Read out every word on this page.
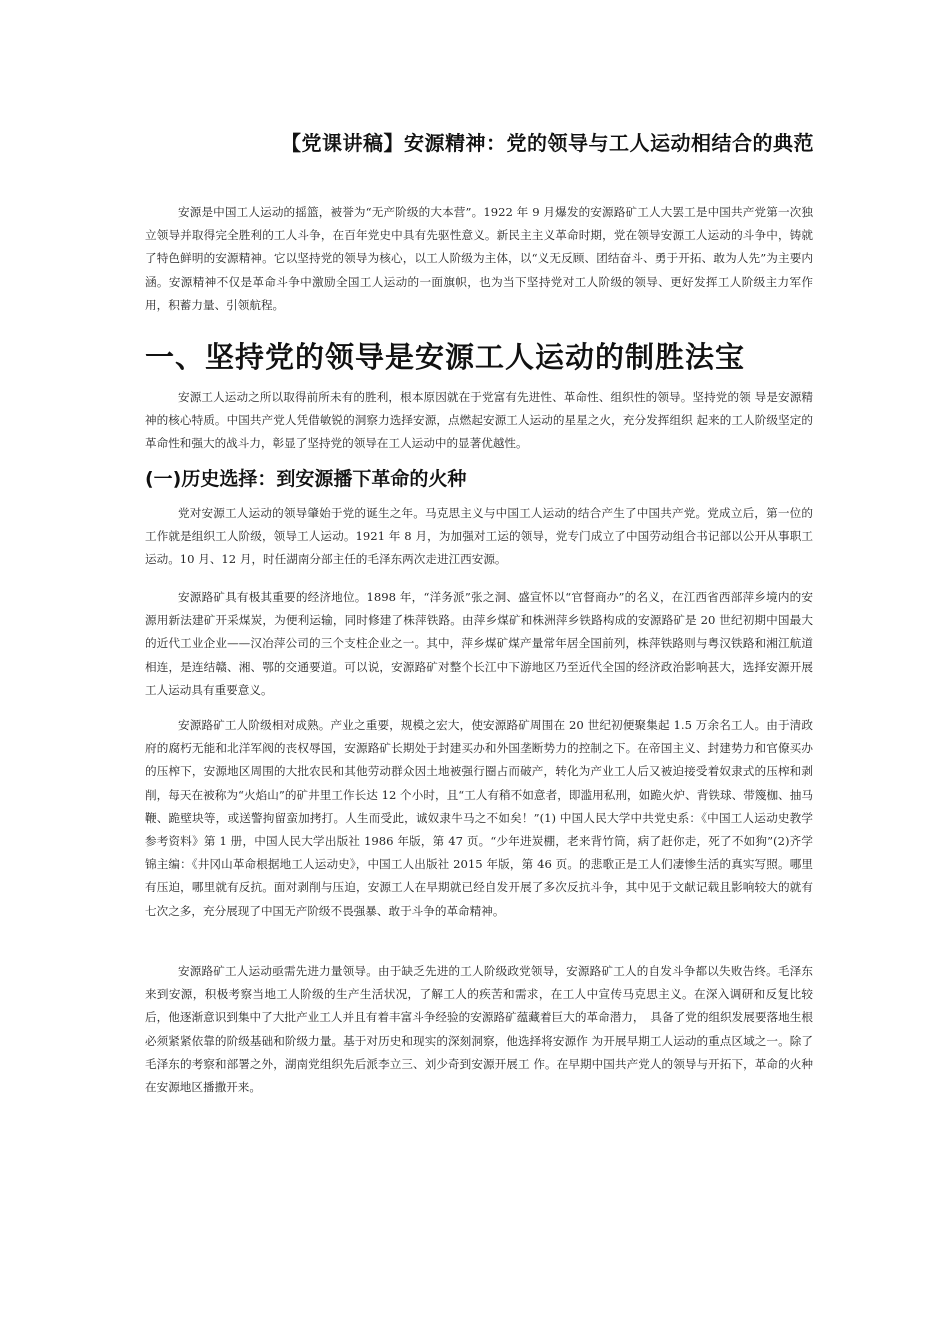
【党课讲稿】安源精神：党的领导与工人运动相结合的典范

安源是中国工人运动的摇篮，被誉为“无产阶级的大本营”。1922 年 9 月爆发的安源路矿工人大罢工是中国共产党第一次独立领导并取得完全胜利的工人斗争，在百年党史中具有先驱性意义。新民主主义革命时期，党在领导安源工人运动的斗争中，铸就了特色鲜明的安源精神。它以坚持党的领导为核心，以工人阶级为主体，以“义无反顾、团结奋斗、勇于开拓、敢为人先”为主要内涵。安源精神不仅是革命斗争中激励全国工人运动的一面旗帜，也为当下坚持党对工人阶级的领导、更好发挥工人阶级主力军作用，积蓄力量、引领航程。

一、坚持党的领导是安源工人运动的制胜法宝

安源工人运动之所以取得前所未有的胜利，根本原因就在于党富有先进性、革命性、组织性的领导。坚持党的领 导是安源精神的核心特质。中国共产党人凭借敏锐的洞察力选择安源，点燃起安源工人运动的星星之火，充分发挥组织 起来的工人阶级坚定的革命性和强大的战斗力，彰显了坚持党的领导在工人运动中的显著优越性。

(一)历史选择：到安源播下革命的火种

党对安源工人运动的领导肇始于党的诞生之年。马克思主义与中国工人运动的结合产生了中国共产党。党成立后，第一位的工作就是组织工人阶级，领导工人运动。1921 年 8 月，为加强对工运的领导，党专门成立了中国劳动组合书记部以公开从事职工运动。10 月、12 月，时任湖南分部主任的毛泽东两次走进江西安源。

安源路矿具有极其重要的经济地位。1898 年，“洋务派”张之洞、盛宣怀以“官督商办”的名义，在江西省西部萍乡境内的安源用新法建矿开采煤炭，为便利运输，同时修建了株萍铁路。由萍乡煤矿和株洲萍乡铁路构成的安源路矿是 20 世纪初期中国最大的近代工业企业——汉冶萍公司的三个支柱企业之一。其中，萍乡煤矿煤产量常年居全国前列，株萍铁路则与粤汉铁路和湘江航道相连，是连结赣、湘、鄂的交通要道。可以说，安源路矿对整个长江中下游地区乃至近代全国的经济政治影响甚大，选择安源开展工人运动具有重要意义。

安源路矿工人阶级相对成熟。产业之重要，规模之宏大，使安源路矿周围在 20 世纪初便聚集起 1.5 万余名工人。由于清政府的腐朽无能和北洋军阀的丧权辱国，安源路矿长期处于封建买办和外国垄断势力的控制之下。在帝国主义、封建势力和官僚买办的压榨下，安源地区周围的大批农民和其他劳动群众因土地被强行圈占而破产，转化为产业工人后又被迫接受着奴隶式的压榨和剥削，每天在被称为“火焰山”的矿井里工作长达 12 个小时，且“工人有稍不如意者，即滥用私刑，如跪火炉、背铁球、带篾枷、抽马鞭、跪壁块等，或送警拘留蛮加拷打。人生而受此，诚奴隶牛马之不如矣！”(1) 中国人民大学中共党史系：《中国工人运动史教学参考资料》第 1 册，中国人民大学出版社 1986 年版，第 47 页。“少年进炭棚，老来背竹筒，病了赶你走，死了不如狗”(2)齐学锦主编：《井冈山革命根据地工人运动史》，中国工人出版社 2015 年版，第 46 页。的悲歌正是工人们凄惨生活的真实写照。哪里有压迫，哪里就有反抗。面对剥削与压迫，安源工人在早期就已经自发开展了多次反抗斗争，其中见于文献记载且影响较大的就有七次之多，充分展现了中国无产阶级不畏强暴、敢于斗争的革命精神。

安源路矿工人运动亟需先进力量领导。由于缺乏先进的工人阶级政党领导，安源路矿工人的自发斗争都以失败告终。毛泽东来到安源，积极考察当地工人阶级的生产生活状况，了解工人的疾苦和需求，在工人中宣传马克思主义。在深入调研和反复比较后，他逐渐意识到集中了大批产业工人并且有着丰富斗争经验的安源路矿蕴藏着巨大的革命潜力，　具备了党的组织发展要落地生根必须紧紧依靠的阶级基础和阶级力量。基于对历史和现实的深刻洞察，他选择将安源作 为开展早期工人运动的重点区域之一。除了毛泽东的考察和部署之外，湖南党组织先后派李立三、刘少奇到安源开展工 作。在早期中国共产党人的领导与开拓下，革命的火种在安源地区播撒开来。
